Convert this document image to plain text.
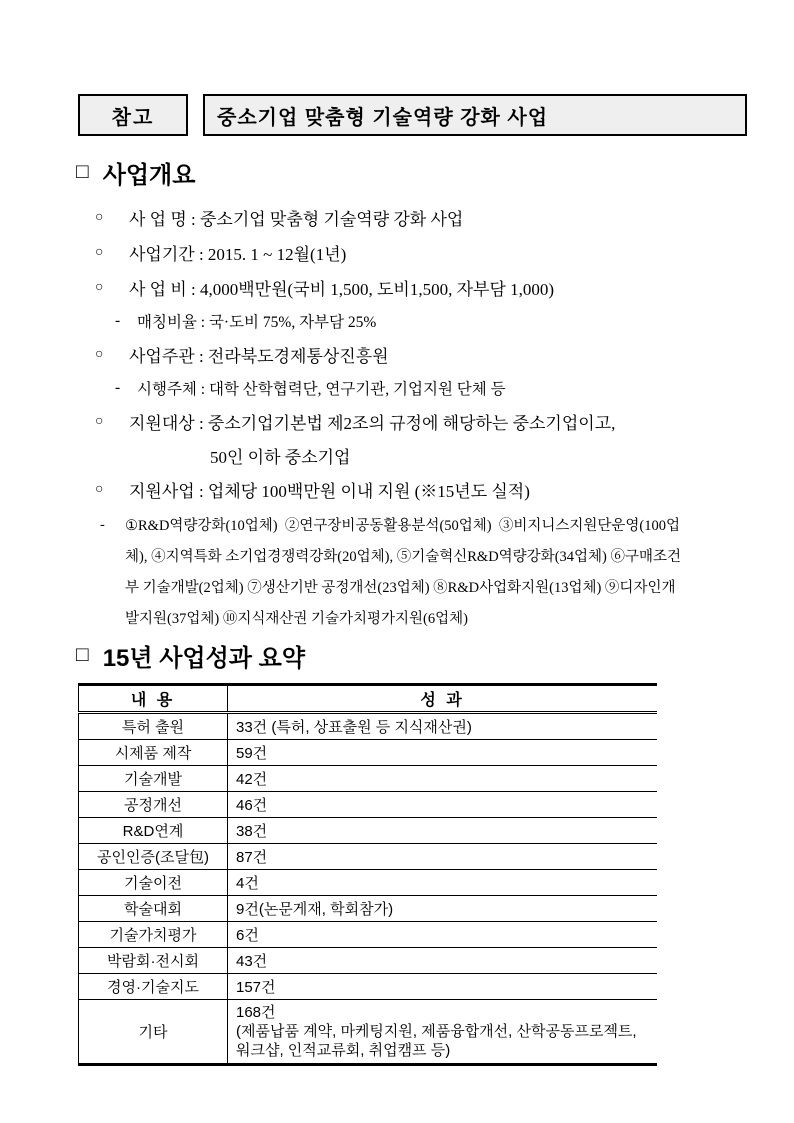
참고	중소기업 맞춤형 기술역량 강화 사업
□ 사업개요
○	사 업 명 : 중소기업 맞춤형 기술역량 강화 사업
○	사업기간 : 2015. 1 ~ 12월(1년)
○	사 업 비 : 4,000백만원(국비 1,500, 도비1,500, 자부담 1,000)
-	매칭비율 : 국·도비 75%, 자부담 25%
○	사업주관 : 전라북도경제통상진흥원
-	시행주체 : 대학 산학협력단, 연구기관, 기업지원 단체 등
○	지원대상 : 중소기업기본법 제2조의 규정에 해당하는 중소기업이고,
50인 이하 중소기업
○	지원사업 : 업체당 100백만원 이내 지원 (※15년도 실적)
-	①R&D역량강화(10업체)  ②연구장비공동활용분석(50업체)  ③비지니스지원단운영(100업
체), ④지역특화 소기업경쟁력강화(20업체), ⑤기술혁신R&D역량강화(34업체) ⑥구매조건
부 기술개발(2업체) ⑦생산기반 공정개선(23업체) ⑧R&D사업화지원(13업체) ⑨디자인개
발지원(37업체) ⑩지식재산권 기술가치평가지원(6업체)
□ 15년 사업성과 요약
내 용	성 과
특허 출원	33건 (특허, 상표출원 등 지식재산권)
시제품 제작	59건
기술개발	42건
공정개선	46건
R&D연계	38건
공인인증(조달包)	87건
기술이전	4건
학술대회	9건(논문게재, 학회참가)
기술가치평가	6건
박람회·전시회	43건
경영·기술지도	157건
기타	168건
(제품납품 계약, 마케팅지원, 제품융합개선, 산학공동프로젝트, 워크샵, 인적교류회, 취업캠프 등)
